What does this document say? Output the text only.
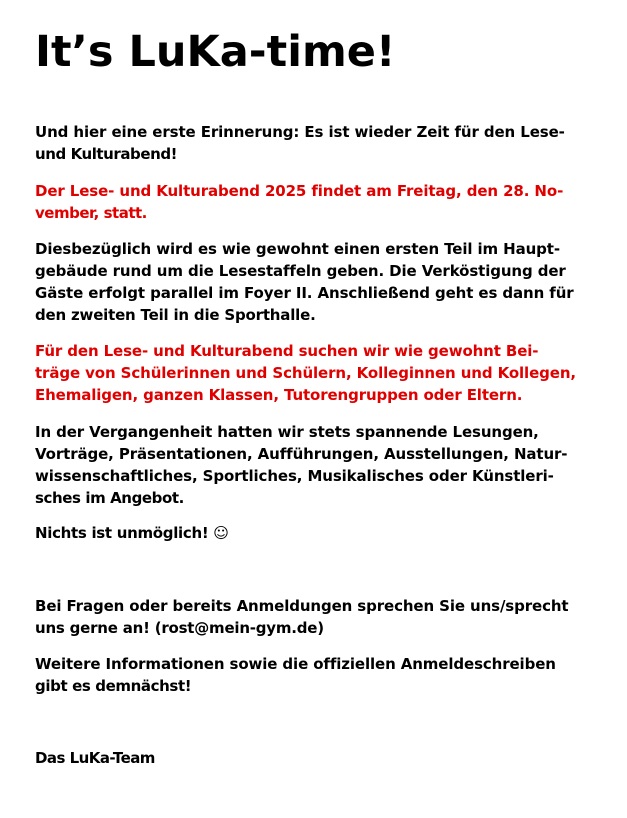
It’s LuKa-time!

Und hier eine erste Erinnerung: Es ist wieder Zeit für den Lese-
und Kulturabend!

Der Lese- und Kulturabend 2025 findet am Freitag, den 28. No-
vember, statt.

Diesbezüglich wird es wie gewohnt einen ersten Teil im Haupt-
gebäude rund um die Lesestaffeln geben. Die Verköstigung der
Gäste erfolgt parallel im Foyer II. Anschließend geht es dann für
den zweiten Teil in die Sporthalle.

Für den Lese- und Kulturabend suchen wir wie gewohnt Bei-
träge von Schülerinnen und Schülern, Kolleginnen und Kollegen,
Ehemaligen, ganzen Klassen, Tutorengruppen oder Eltern.

In der Vergangenheit hatten wir stets spannende Lesungen,
Vorträge, Präsentationen, Aufführungen, Ausstellungen, Natur-
wissenschaftliches, Sportliches, Musikalisches oder Künstleri-
sches im Angebot.

Nichts ist unmöglich! ☺

Bei Fragen oder bereits Anmeldungen sprechen Sie uns/sprecht
uns gerne an! (rost@mein-gym.de)

Weitere Informationen sowie die offiziellen Anmeldeschreiben
gibt es demnächst!

Das LuKa-Team
